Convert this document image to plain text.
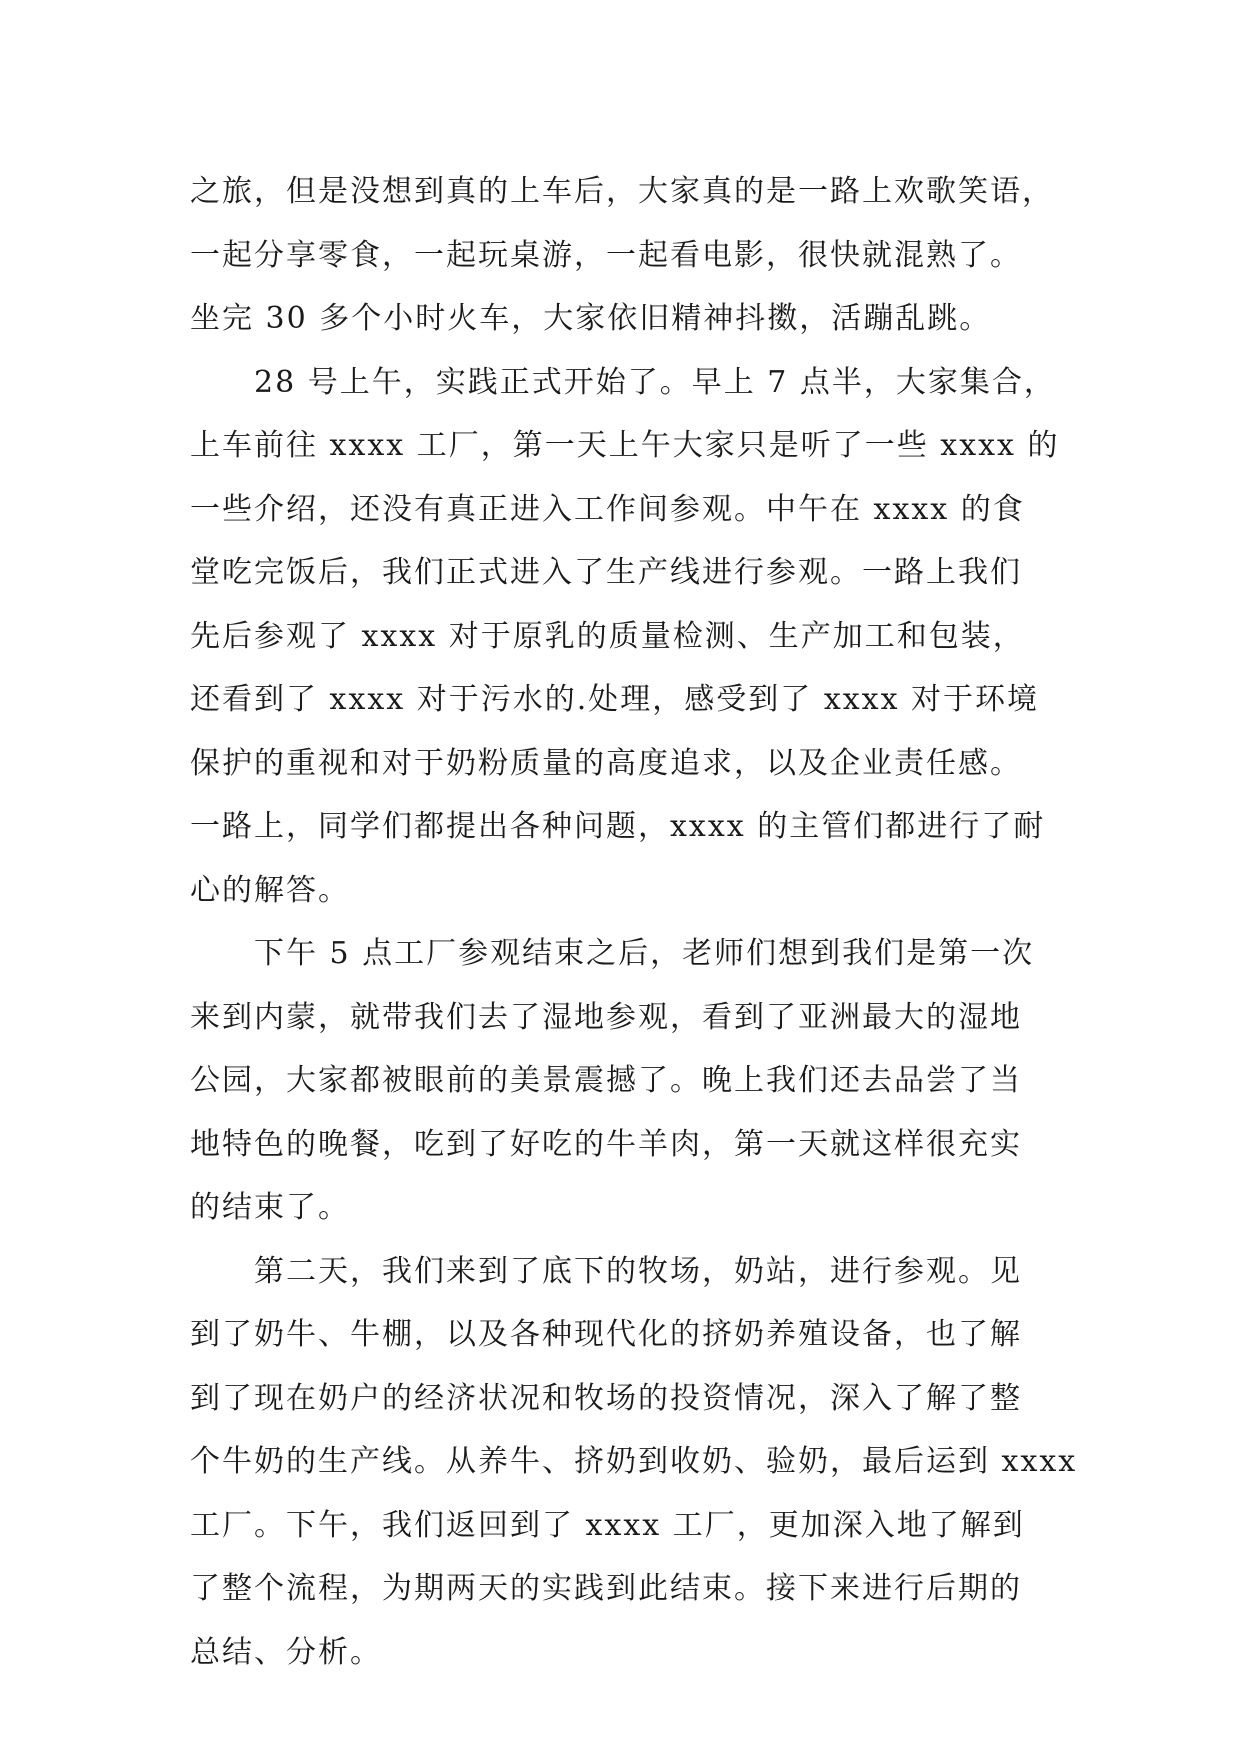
之旅，但是没想到真的上车后，大家真的是一路上欢歌笑语，
一起分享零食，一起玩桌游，一起看电影，很快就混熟了。
坐完 30 多个小时火车，大家依旧精神抖擞，活蹦乱跳。
28 号上午，实践正式开始了。早上 7 点半，大家集合，
上车前往 xxxx 工厂，第一天上午大家只是听了一些 xxxx 的
一些介绍，还没有真正进入工作间参观。中午在 xxxx 的食
堂吃完饭后，我们正式进入了生产线进行参观。一路上我们
先后参观了 xxxx 对于原乳的质量检测、生产加工和包装，
还看到了 xxxx 对于污水的.处理，感受到了 xxxx 对于环境
保护的重视和对于奶粉质量的高度追求，以及企业责任感。
一路上，同学们都提出各种问题，xxxx 的主管们都进行了耐
心的解答。
下午 5 点工厂参观结束之后，老师们想到我们是第一次
来到内蒙，就带我们去了湿地参观，看到了亚洲最大的湿地
公园，大家都被眼前的美景震撼了。晚上我们还去品尝了当
地特色的晚餐，吃到了好吃的牛羊肉，第一天就这样很充实
的结束了。
第二天，我们来到了底下的牧场，奶站，进行参观。见
到了奶牛、牛棚，以及各种现代化的挤奶养殖设备，也了解
到了现在奶户的经济状况和牧场的投资情况，深入了解了整
个牛奶的生产线。从养牛、挤奶到收奶、验奶，最后运到 xxxx
工厂。下午，我们返回到了 xxxx 工厂，更加深入地了解到
了整个流程，为期两天的实践到此结束。接下来进行后期的
总结、分析。
